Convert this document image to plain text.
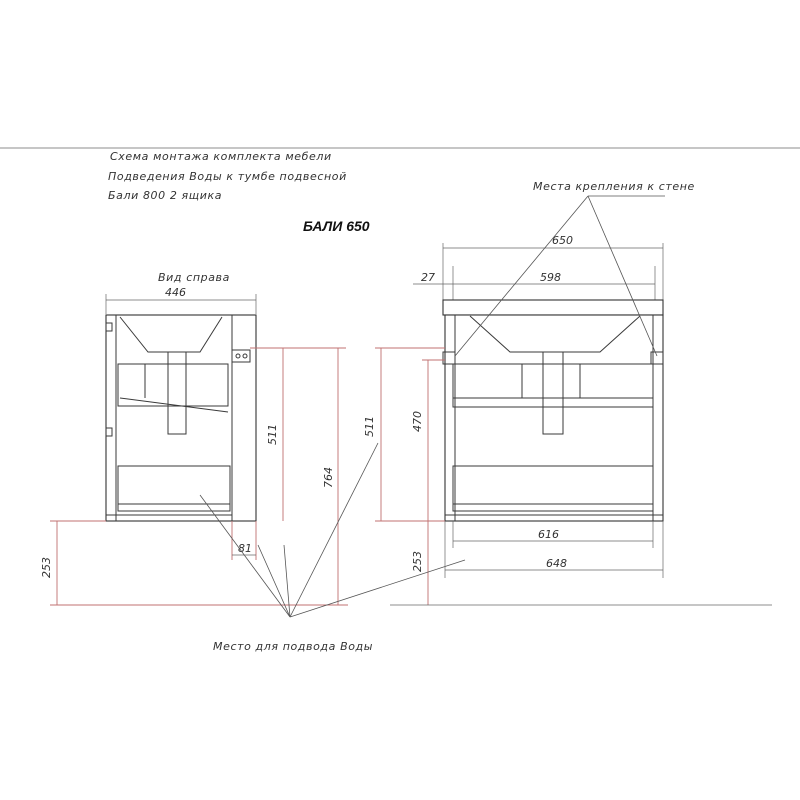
Схема монтажа комплекта мебели
Подведения Воды к тумбе подвесной
Бали 800 2 ящика
БАЛИ 650
Вид справа
Места крепления к стене
Место для подвода Воды
446
511
764
81
253
650
598
27
470
511
253
616
648
